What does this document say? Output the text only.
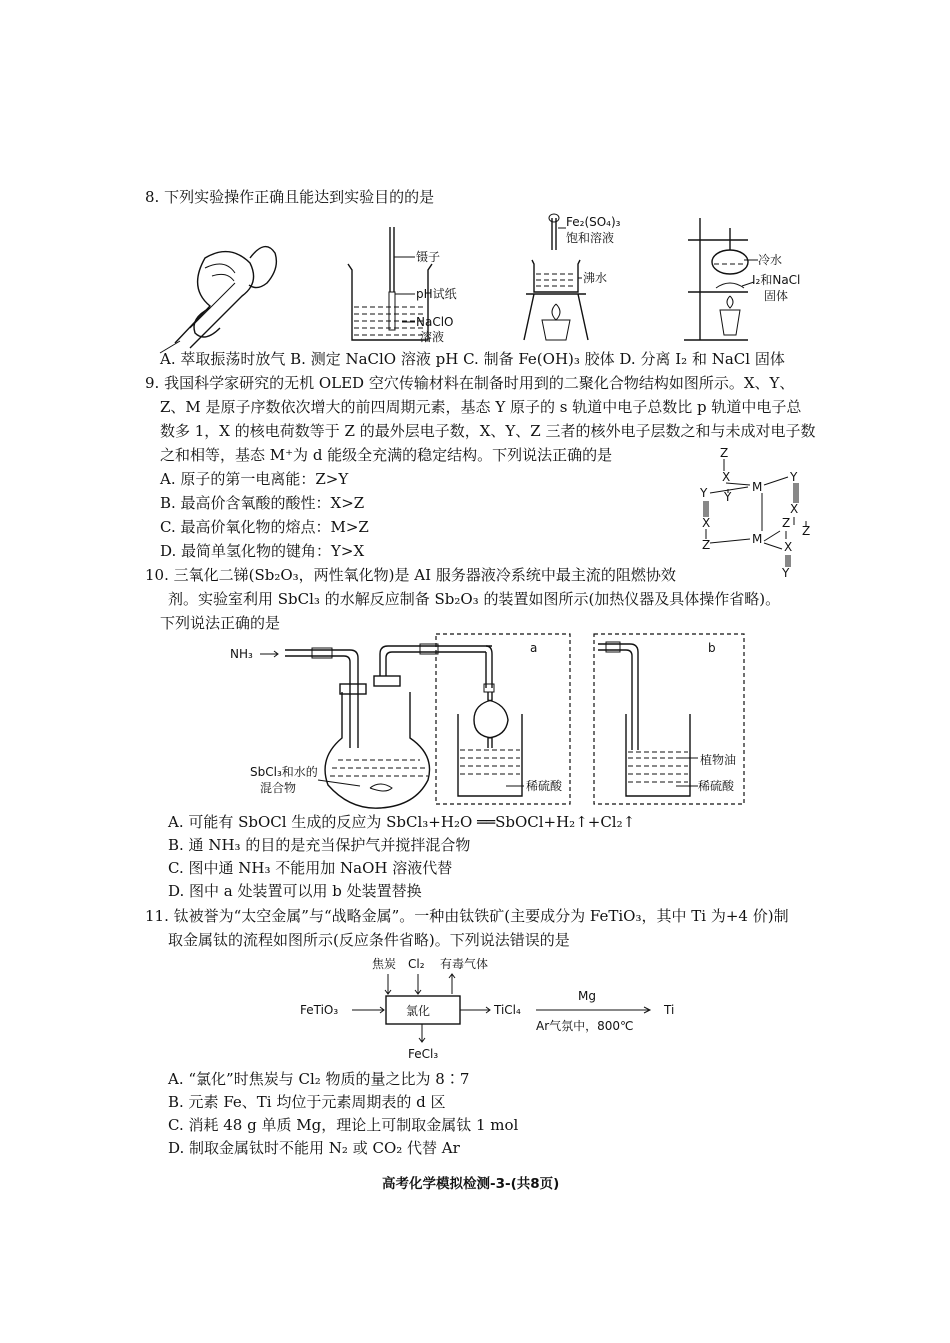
8. 下列实验操作正确且能达到实验目的的是
镊子
pH试纸
NaClO
溶液
Fe₂(SO₄)₃
饱和溶液
沸水
冷水
I₂和NaCl
固体
A. 萃取振荡时放气 B. 测定 NaClO 溶液 pH C. 制备 Fe(OH)₃ 胶体 D. 分离 I₂ 和 NaCl 固体
9. 我国科学家研究的无机 OLED 空穴传输材料在制备时用到的二聚化合物结构如图所示。X、Y、
Z、M 是原子序数依次增大的前四周期元素，基态 Y 原子的 s 轨道中电子总数比 p 轨道中电子总
数多 1，X 的核电荷数等于 Z 的最外层电子数，X、Y、Z 三者的核外电子层数之和与未成对电子数
之和相等，基态 M⁺为 d 能级全充满的稳定结构。下列说法正确的是
A. 原子的第一电离能：Z>Y
B. 最高价含氧酸的酸性：X>Z
C. 最高价氧化物的熔点：M>Z
D. 最简单氢化物的键角：Y>X
Z
X
M
Y
Y Y
X
X	Z
Z
Z	M
X
Y
10. 三氧化二锑(Sb₂O₃，两性氧化物)是 AI 服务器液冷系统中最主流的阻燃协效
剂。实验室利用 SbCl₃ 的水解反应制备 Sb₂O₃ 的装置如图所示(加热仪器及具体操作省略)。
下列说法正确的是
NH₃
SbCl₃和水的
混合物
a
稀硫酸
b
植物油
稀硫酸
A. 可能有 SbOCl 生成的反应为 SbCl₃+H₂O ══SbOCl+H₂↑+Cl₂↑
B. 通 NH₃ 的目的是充当保护气并搅拌混合物
C. 图中通 NH₃ 不能用加 NaOH 溶液代替
D. 图中 a 处装置可以用 b 处装置替换
11. 钛被誉为“太空金属”与“战略金属”。一种由钛铁矿(主要成分为 FeTiO₃，其中 Ti 为+4 价)制
取金属钛的流程如图所示(反应条件省略)。下列说法错误的是
焦炭 Cl₂ 有毒气体
氯化
FeTiO₃	TiCl₄
Mg
Ar气氛中，800℃
Ti
FeCl₃
A. “氯化”时焦炭与 Cl₂ 物质的量之比为 8∶7
B. 元素 Fe、Ti 均位于元素周期表的 d 区
C. 消耗 48 g 单质 Mg，理论上可制取金属钛 1 mol
D. 制取金属钛时不能用 N₂ 或 CO₂ 代替 Ar
高考化学模拟检测-3-(共8页)
